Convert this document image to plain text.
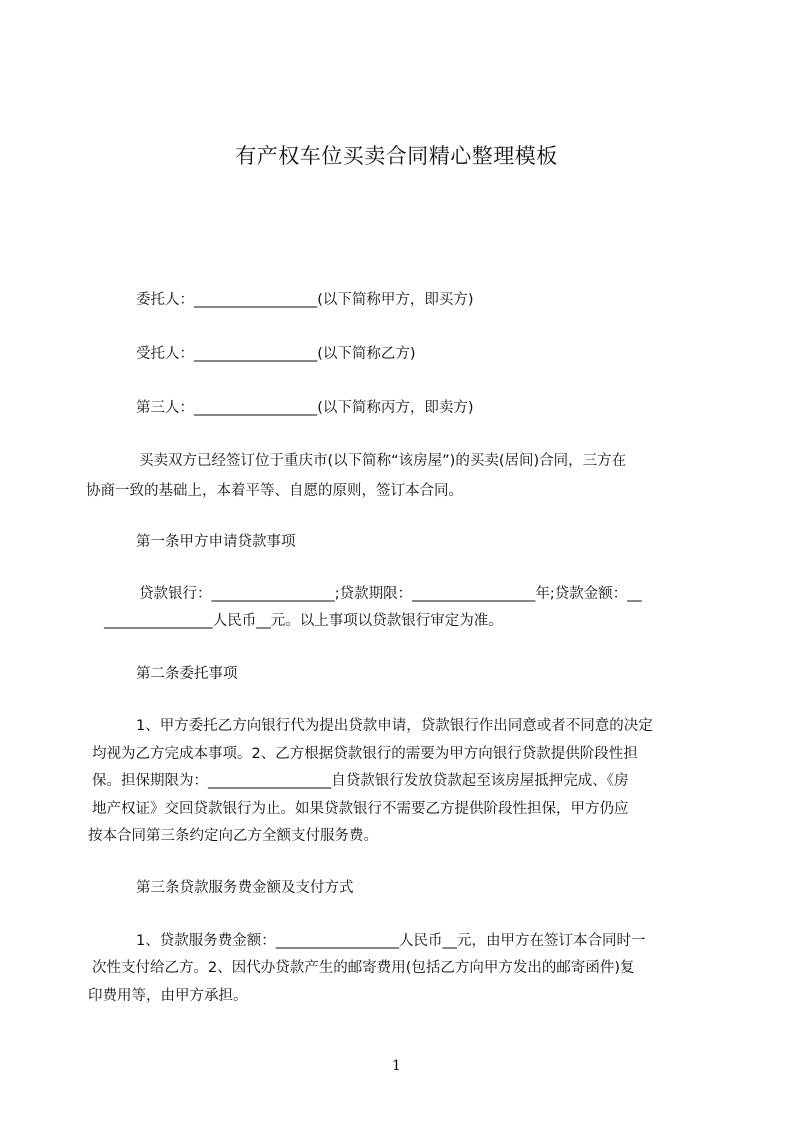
有产权车位买卖合同精心整理模板
委托人：_________________(以下简称甲方，即买方)
受托人：_________________(以下简称乙方)
第三人：_________________(以下简称丙方，即卖方)
买卖双方已经签订位于重庆市(以下简称“该房屋”)的买卖(居间)合同，三方在
协商一致的基础上，本着平等、自愿的原则，签订本合同。
第一条甲方申请贷款事项
贷款银行：_________________;贷款期限：_________________年;贷款金额：__
_______________人民币__元。以上事项以贷款银行审定为准。
第二条委托事项
1、甲方委托乙方向银行代为提出贷款申请，贷款银行作出同意或者不同意的决定
均视为乙方完成本事项。2、乙方根据贷款银行的需要为甲方向银行贷款提供阶段性担
保。担保期限为：_________________自贷款银行发放贷款起至该房屋抵押完成、《房
地产权证》交回贷款银行为止。如果贷款银行不需要乙方提供阶段性担保，甲方仍应
按本合同第三条约定向乙方全额支付服务费。
第三条贷款服务费金额及支付方式
1、贷款服务费金额：_________________人民币__元，由甲方在签订本合同时一
次性支付给乙方。2、因代办贷款产生的邮寄费用(包括乙方向甲方发出的邮寄函件)复
印费用等，由甲方承担。
1
